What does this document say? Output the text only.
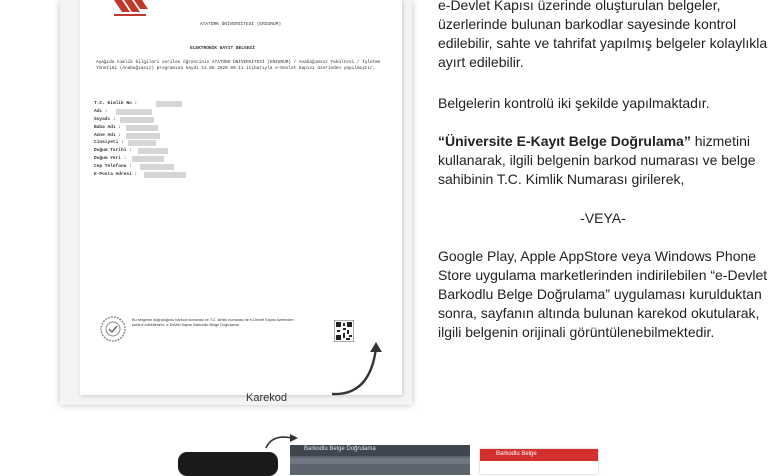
ATATÜRK ÜNİVERSİTESİ (ERZURUM)
ELEKTRONİK KAYIT BELGESİ
Aşağıda kimlik bilgileri verilen öğrencinin ATATÜRK ÜNİVERSİTESİ (ERZURUM) / Anabağımsız Fakültesi / İşletme Yönetimi (Anabağımsız) programına kaydı 11.08.2020 09:11 itibarıyla e-Devlet Kapısı üzerinden yapılmıştır.
T.C. Kimlik No :
Adı :
Soyadı :
Baba Adı :
Anne Adı :
Cinsiyeti :
Doğum Tarihi :
Doğum Yeri :
Cep Telefonu :
E-Posta Adresi :
Bu belgenin doğruluğunu barkod numarası ve T.C. kimlik numarası ile e-Devlet Kapısı üzerinden kontrol edebilirsiniz. e-Devlet Kapısı Barkodlu Belge Doğrulama
Karekod

e-Devlet Kapısı üzerinde oluşturulan belgeler, üzerlerinde bulunan barkodlar sayesinde kontrol edilebilir, sahte ve tahrifat yapılmış belgeler kolaylıkla ayırt edilebilir.

Belgelerin kontrolü iki şekilde yapılmaktadır.

“Üniversite E-Kayıt Belge Doğrulama” hizmetini kullanarak, ilgili belgenin barkod numarası ve belge sahibinin T.C. Kimlik Numarası girilerek,

-VEYA-

Google Play, Apple AppStore veya Windows Phone Store uygulama marketlerinden indirilebilen “e-Devlet Barkodlu Belge Doğrulama” uygulaması kurulduktan sonra, sayfanın altında bulunan karekod okutularak, ilgili belgenin orijinali görüntülenebilmektedir.

Barkodlu Belge Doğrulama
Barkodlu Belge
